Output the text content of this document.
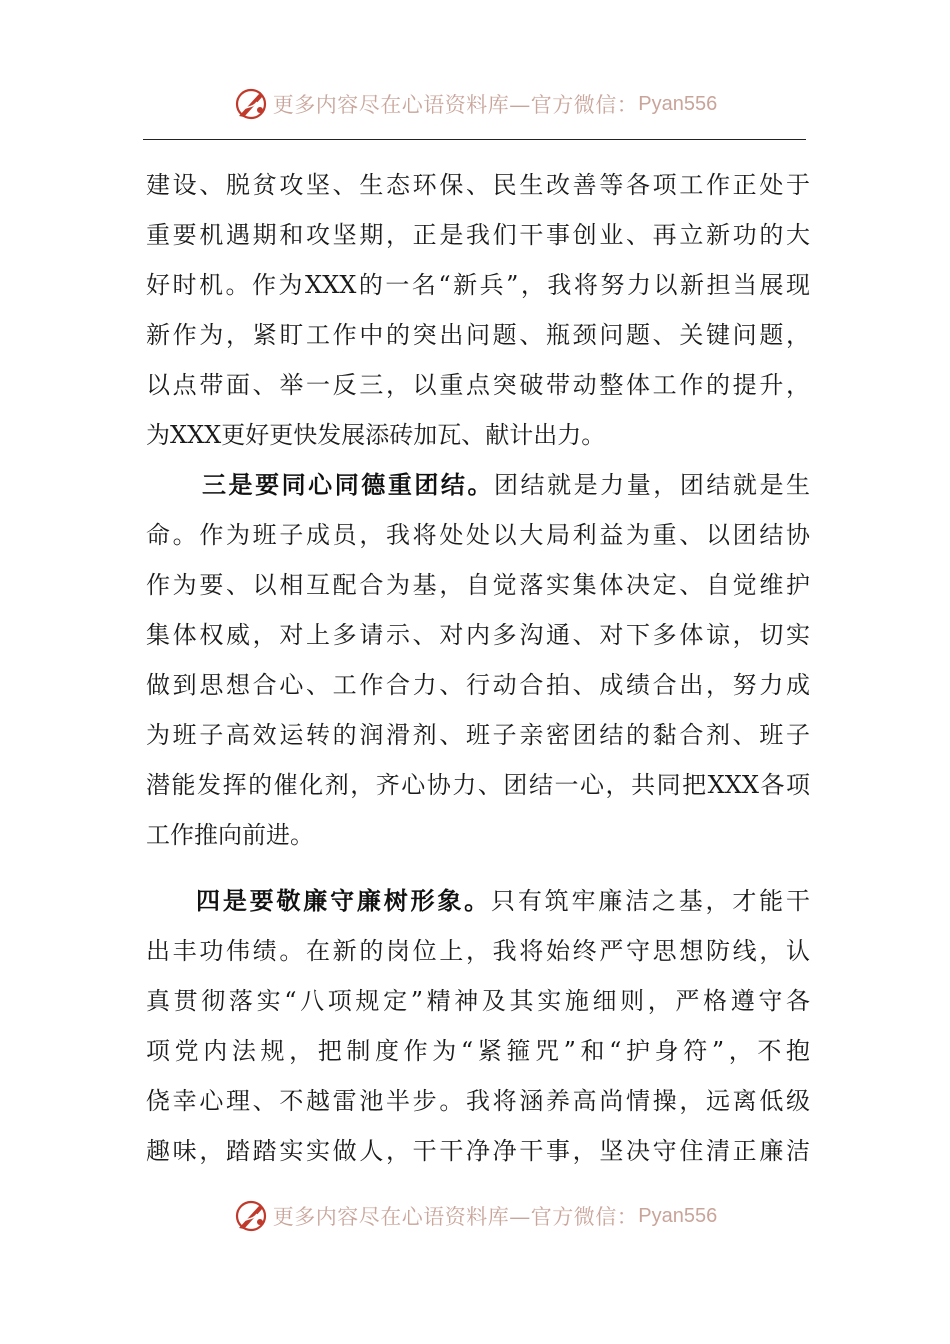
更多内容尽在心语资料库—官方微信： Pyan556
建设、脱贫攻坚、生态环保、民生改善等各项工作正处于
重要机遇期和攻坚期，正是我们干事创业、再立新功的大
好时机。作为XXX的一名“新兵”，我将努力以新担当展现
新作为，紧盯工作中的突出问题、瓶颈问题、关键问题，
以点带面、举一反三，以重点突破带动整体工作的提升，
为XXX更好更快发展添砖加瓦、献计出力。
三是要同心同德重团结。团结就是力量，团结就是生
命。作为班子成员，我将处处以大局利益为重、以团结协
作为要、以相互配合为基，自觉落实集体决定、自觉维护
集体权威，对上多请示、对内多沟通、对下多体谅，切实
做到思想合心、工作合力、行动合拍、成绩合出，努力成
为班子高效运转的润滑剂、班子亲密团结的黏合剂、班子
潜能发挥的催化剂，齐心协力、团结一心，共同把XXX各项
工作推向前进。
四是要敬廉守廉树形象。只有筑牢廉洁之基，才能干
出丰功伟绩。在新的岗位上，我将始终严守思想防线，认
真贯彻落实“八项规定”精神及其实施细则，严格遵守各
项党内法规，把制度作为“紧箍咒”和“护身符”，不抱
侥幸心理、不越雷池半步。我将涵养高尚情操，远离低级
趣味，踏踏实实做人，干干净净干事，坚决守住清正廉洁
更多内容尽在心语资料库—官方微信： Pyan556
